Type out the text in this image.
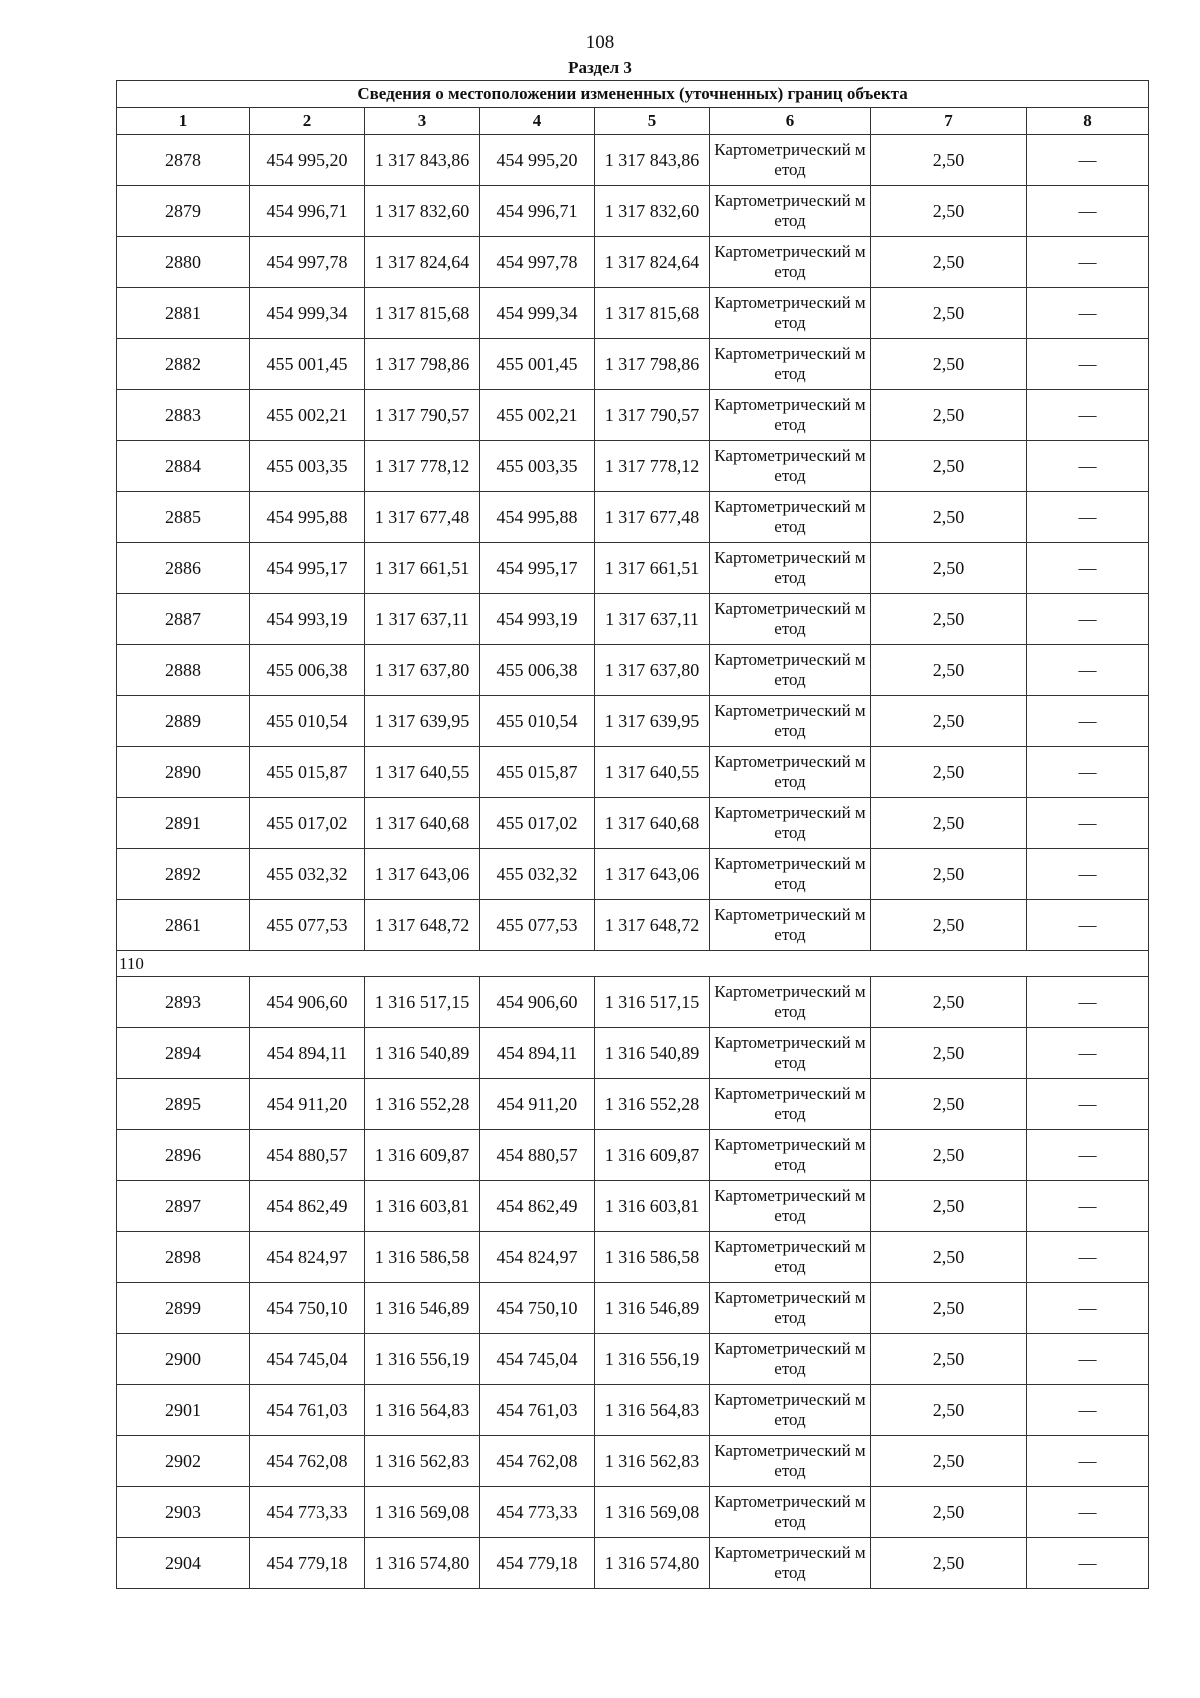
108
Раздел 3
Сведения о местоположении измененных (уточненных) границ объекта							
1	2	3	4	5	6	7	8
2878	454 995,20	1 317 843,86	454 995,20	1 317 843,86	Картометрический метод	2,50	—
2879	454 996,71	1 317 832,60	454 996,71	1 317 832,60	Картометрический метод	2,50	—
2880	454 997,78	1 317 824,64	454 997,78	1 317 824,64	Картометрический метод	2,50	—
2881	454 999,34	1 317 815,68	454 999,34	1 317 815,68	Картометрический метод	2,50	—
2882	455 001,45	1 317 798,86	455 001,45	1 317 798,86	Картометрический метод	2,50	—
2883	455 002,21	1 317 790,57	455 002,21	1 317 790,57	Картометрический метод	2,50	—
2884	455 003,35	1 317 778,12	455 003,35	1 317 778,12	Картометрический метод	2,50	—
2885	454 995,88	1 317 677,48	454 995,88	1 317 677,48	Картометрический метод	2,50	—
2886	454 995,17	1 317 661,51	454 995,17	1 317 661,51	Картометрический метод	2,50	—
2887	454 993,19	1 317 637,11	454 993,19	1 317 637,11	Картометрический метод	2,50	—
2888	455 006,38	1 317 637,80	455 006,38	1 317 637,80	Картометрический метод	2,50	—
2889	455 010,54	1 317 639,95	455 010,54	1 317 639,95	Картометрический метод	2,50	—
2890	455 015,87	1 317 640,55	455 015,87	1 317 640,55	Картометрический метод	2,50	—
2891	455 017,02	1 317 640,68	455 017,02	1 317 640,68	Картометрический метод	2,50	—
2892	455 032,32	1 317 643,06	455 032,32	1 317 643,06	Картометрический метод	2,50	—
2861	455 077,53	1 317 648,72	455 077,53	1 317 648,72	Картометрический метод	2,50	—
110							
2893	454 906,60	1 316 517,15	454 906,60	1 316 517,15	Картометрический метод	2,50	—
2894	454 894,11	1 316 540,89	454 894,11	1 316 540,89	Картометрический метод	2,50	—
2895	454 911,20	1 316 552,28	454 911,20	1 316 552,28	Картометрический метод	2,50	—
2896	454 880,57	1 316 609,87	454 880,57	1 316 609,87	Картометрический метод	2,50	—
2897	454 862,49	1 316 603,81	454 862,49	1 316 603,81	Картометрический метод	2,50	—
2898	454 824,97	1 316 586,58	454 824,97	1 316 586,58	Картометрический метод	2,50	—
2899	454 750,10	1 316 546,89	454 750,10	1 316 546,89	Картометрический метод	2,50	—
2900	454 745,04	1 316 556,19	454 745,04	1 316 556,19	Картометрический метод	2,50	—
2901	454 761,03	1 316 564,83	454 761,03	1 316 564,83	Картометрический метод	2,50	—
2902	454 762,08	1 316 562,83	454 762,08	1 316 562,83	Картометрический метод	2,50	—
2903	454 773,33	1 316 569,08	454 773,33	1 316 569,08	Картометрический метод	2,50	—
2904	454 779,18	1 316 574,80	454 779,18	1 316 574,80	Картометрический метод	2,50	—
